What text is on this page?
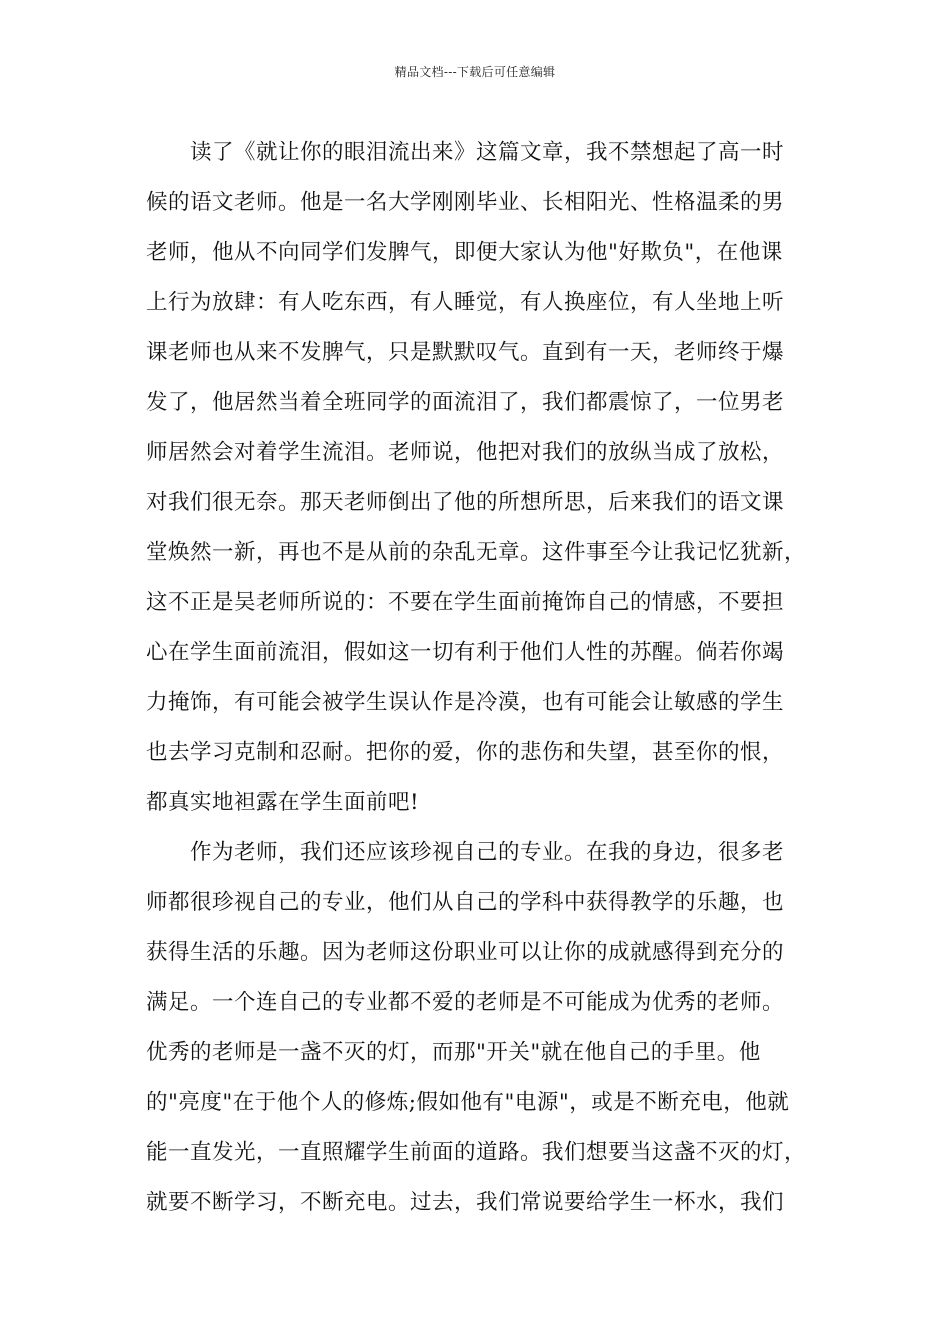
精品文档---下载后可任意编辑
读了《就让你的眼泪流出来》这篇文章，我不禁想起了高一时
候的语文老师。他是一名大学刚刚毕业、长相阳光、性格温柔的男
老师，他从不向同学们发脾气，即便大家认为他"好欺负"，在他课
上行为放肆：有人吃东西，有人睡觉，有人换座位，有人坐地上听
课老师也从来不发脾气，只是默默叹气。直到有一天，老师终于爆
发了，他居然当着全班同学的面流泪了，我们都震惊了，一位男老
师居然会对着学生流泪。老师说，他把对我们的放纵当成了放松，
对我们很无奈。那天老师倒出了他的所想所思，后来我们的语文课
堂焕然一新，再也不是从前的杂乱无章。这件事至今让我记忆犹新，
这不正是吴老师所说的：不要在学生面前掩饰自己的情感，不要担
心在学生面前流泪，假如这一切有利于他们人性的苏醒。倘若你竭
力掩饰，有可能会被学生误认作是冷漠，也有可能会让敏感的学生
也去学习克制和忍耐。把你的爱，你的悲伤和失望，甚至你的恨，
都真实地袒露在学生面前吧!
作为老师，我们还应该珍视自己的专业。在我的身边，很多老
师都很珍视自己的专业，他们从自己的学科中获得教学的乐趣，也
获得生活的乐趣。因为老师这份职业可以让你的成就感得到充分的
满足。一个连自己的专业都不爱的老师是不可能成为优秀的老师。
优秀的老师是一盏不灭的灯，而那"开关"就在他自己的手里。他
的"亮度"在于他个人的修炼;假如他有"电源"，或是不断充电，他就
能一直发光，一直照耀学生前面的道路。我们想要当这盏不灭的灯，
就要不断学习，不断充电。过去，我们常说要给学生一杯水，我们
